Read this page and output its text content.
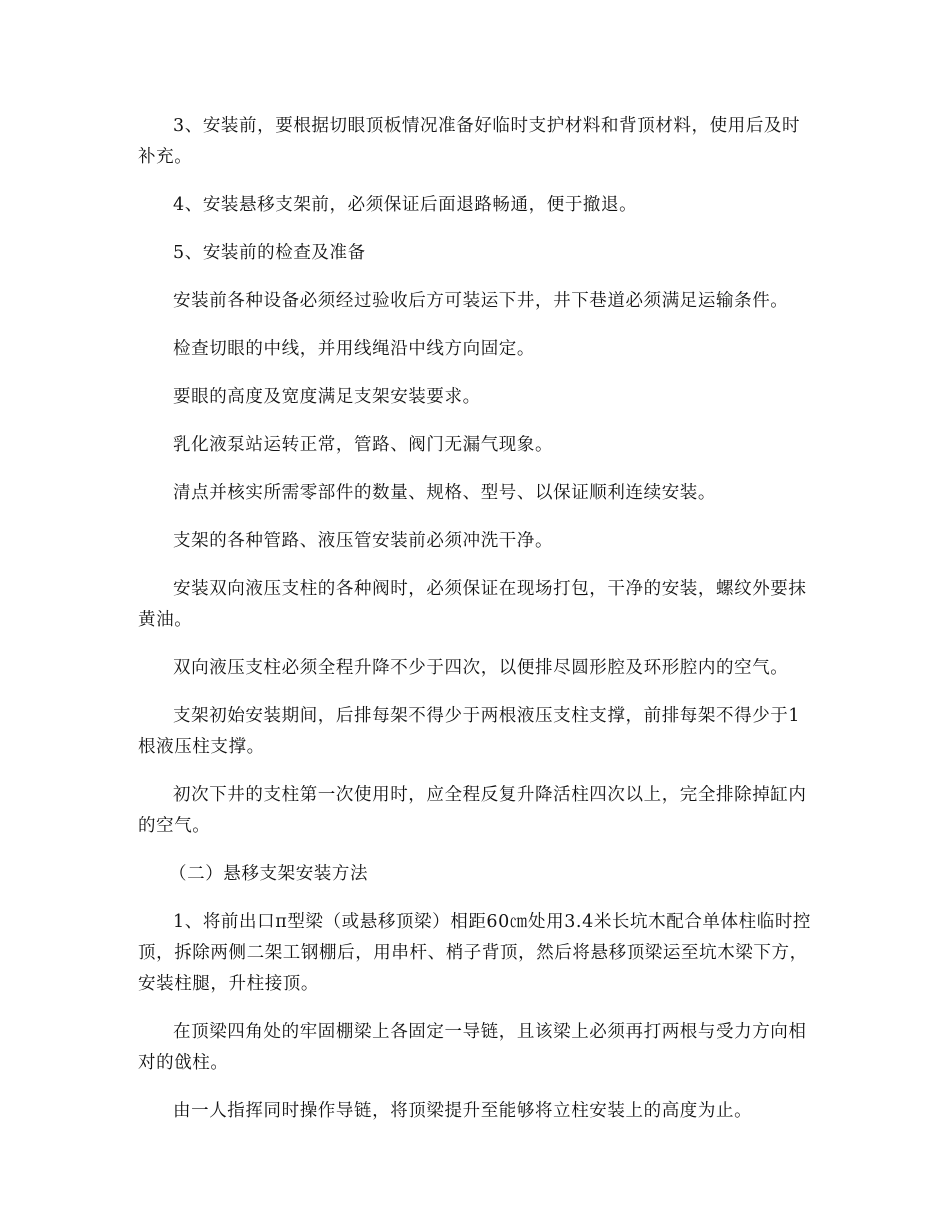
3、安装前，要根据切眼顶板情况准备好临时支护材料和背顶材料，使用后及时补充。

4、安装悬移支架前，必须保证后面退路畅通，便于撤退。

5、安装前的检查及准备

安装前各种设备必须经过验收后方可装运下井，井下巷道必须满足运输条件。

检查切眼的中线，并用线绳沿中线方向固定。

要眼的高度及宽度满足支架安装要求。

乳化液泵站运转正常，管路、阀门无漏气现象。

清点并核实所需零部件的数量、规格、型号、以保证顺利连续安装。

支架的各种管路、液压管安装前必须冲洗干净。

安装双向液压支柱的各种阀时，必须保证在现场打包，干净的安装，螺纹外要抹黄油。

双向液压支柱必须全程升降不少于四次，以便排尽圆形腔及环形腔内的空气。

支架初始安装期间，后排每架不得少于两根液压支柱支撑，前排每架不得少于1根液压柱支撑。

初次下井的支柱第一次使用时，应全程反复升降活柱四次以上，完全排除掉缸内的空气。

（二）悬移支架安装方法

1、将前出口π型梁（或悬移顶梁）相距60㎝处用3.4米长坑木配合单体柱临时控顶，拆除两侧二架工钢棚后，用串杆、梢子背顶，然后将悬移顶梁运至坑木梁下方，安装柱腿，升柱接顶。

在顶梁四角处的牢固棚梁上各固定一导链，且该梁上必须再打两根与受力方向相对的戗柱。

由一人指挥同时操作导链，将顶梁提升至能够将立柱安装上的高度为止。
